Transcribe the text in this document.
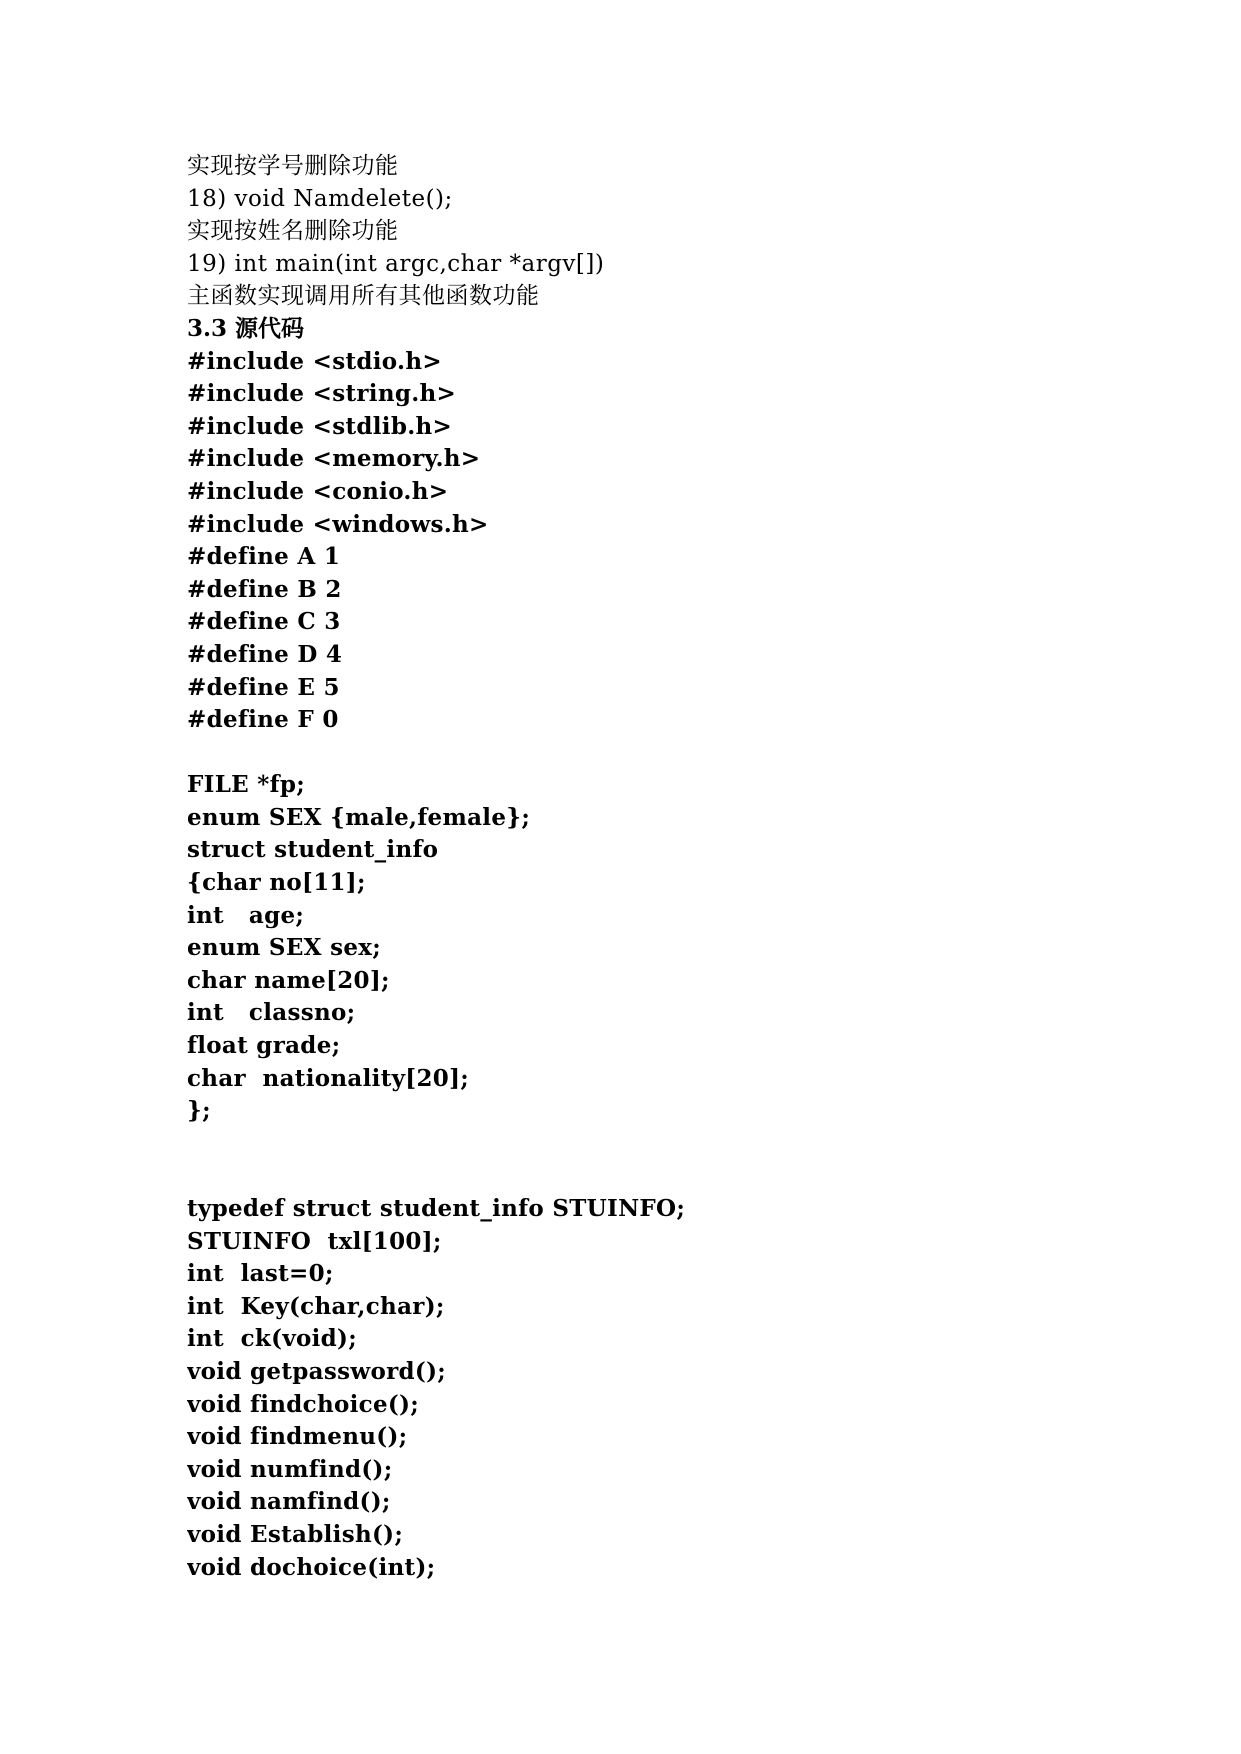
实现按学号删除功能
18) void Namdelete();
实现按姓名删除功能
19) int main(int argc,char *argv[])
主函数实现调用所有其他函数功能
3.3 源代码
#include <stdio.h>
#include <string.h>
#include <stdlib.h>
#include <memory.h>
#include <conio.h>
#include <windows.h>
#define A 1
#define B 2
#define C 3
#define D 4
#define E 5
#define F 0
FILE *fp;
enum SEX {male,female};
struct student_info
{char no[11];
int   age;
enum SEX sex;
char name[20];
int   classno;
float grade;
char  nationality[20];
};
typedef struct student_info STUINFO;
STUINFO  txl[100];
int  last=0;
int  Key(char,char);
int  ck(void);
void getpassword();
void findchoice();
void findmenu();
void numfind();
void namfind();
void Establish();
void dochoice(int);
